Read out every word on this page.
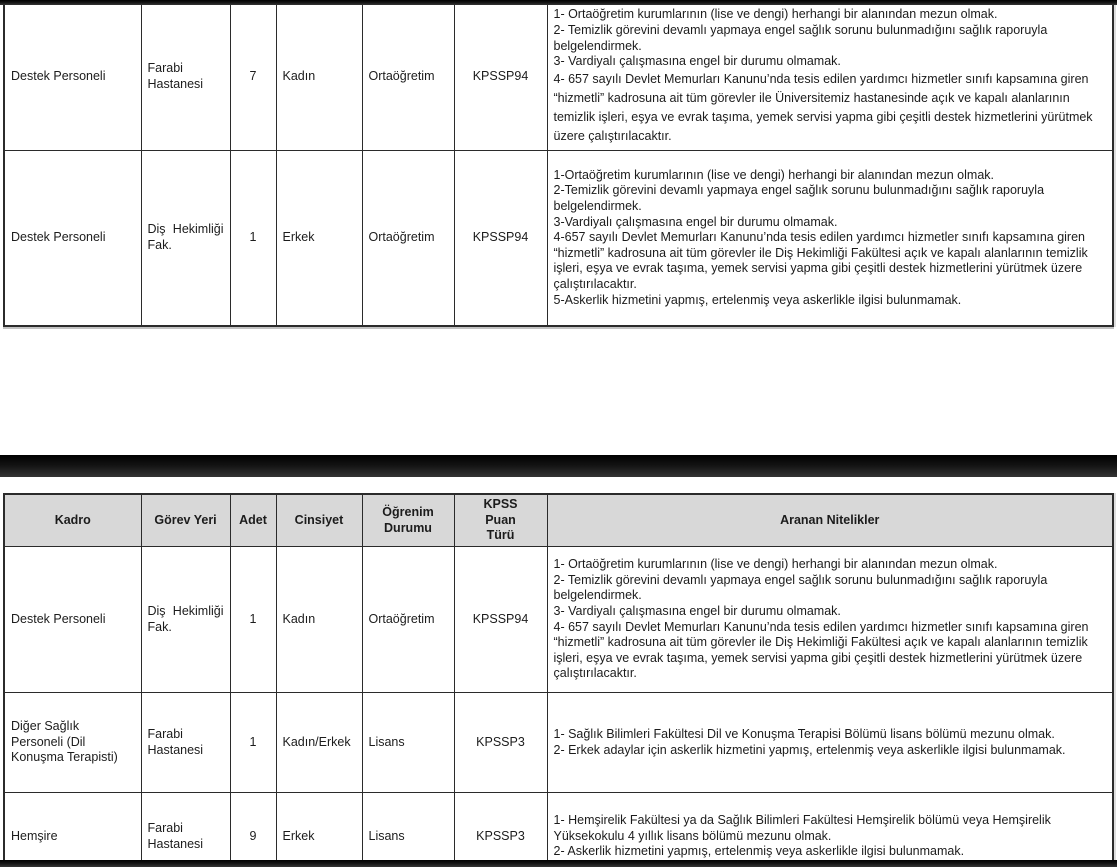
Destek Personeli	Farabi Hastanesi	7	Kadın	Ortaöğretim	KPSSP94	1- Ortaöğretim kurumlarının (lise ve dengi) herhangi bir alanından mezun olmak.
2- Temizlik görevini devamlı yapmaya engel sağlık sorunu bulunmadığını sağlık raporuyla belgelendirmek.
3- Vardiyalı çalışmasına engel bir durumu olmamak.
4- 657 sayılı Devlet Memurları Kanunu’nda tesis edilen yardımcı hizmetler sınıfı kapsamına giren “hizmetli” kadrosuna ait tüm görevler ile Üniversitemiz hastanesinde açık ve kapalı alanlarının temizlik işleri, eşya ve evrak taşıma, yemek servisi yapma gibi çeşitli destek hizmetlerini yürütmek üzere çalıştırılacaktır.

Destek Personeli	Diş Hekimliği Fak.	1	Erkek	Ortaöğretim	KPSSP94	1-Ortaöğretim kurumlarının (lise ve dengi) herhangi bir alanından mezun olmak.
2-Temizlik görevini devamlı yapmaya engel sağlık sorunu bulunmadığını sağlık raporuyla belgelendirmek.
3-Vardiyalı çalışmasına engel bir durumu olmamak.
4-657 sayılı Devlet Memurları Kanunu’nda tesis edilen yardımcı hizmetler sınıfı kapsamına giren “hizmetli” kadrosuna ait tüm görevler ile Diş Hekimliği Fakültesi açık ve kapalı alanlarının temizlik işleri, eşya ve evrak taşıma, yemek servisi yapma gibi çeşitli destek hizmetlerini yürütmek üzere çalıştırılacaktır.
5-Askerlik hizmetini yapmış, ertelenmiş veya askerlikle ilgisi bulunmamak.
Kadro	Görev Yeri	Adet	Cinsiyet	Öğrenim Durumu	KPSS Puan Türü	Aranan Nitelikler
Destek Personeli	Diş Hekimliği Fak.	1	Kadın	Ortaöğretim	KPSSP94	1- Ortaöğretim kurumlarının (lise ve dengi) herhangi bir alanından mezun olmak.
2- Temizlik görevini devamlı yapmaya engel sağlık sorunu bulunmadığını sağlık raporuyla belgelendirmek.
3- Vardiyalı çalışmasına engel bir durumu olmamak.
4- 657 sayılı Devlet Memurları Kanunu’nda tesis edilen yardımcı hizmetler sınıfı kapsamına giren “hizmetli” kadrosuna ait tüm görevler ile Diş Hekimliği Fakültesi açık ve kapalı alanlarının temizlik işleri, eşya ve evrak taşıma, yemek servisi yapma gibi çeşitli destek hizmetlerini yürütmek üzere çalıştırılacaktır.

Diğer Sağlık Personeli (Dil Konuşma Terapisti)	Farabi Hastanesi	1	Kadın/Erkek	Lisans	KPSSP3	1- Sağlık Bilimleri Fakültesi Dil ve Konuşma Terapisi Bölümü lisans bölümü mezunu olmak.
2- Erkek adaylar için askerlik hizmetini yapmış, ertelenmiş veya askerlikle ilgisi bulunmamak.

Hemşire	Farabi Hastanesi	9	Erkek	Lisans	KPSSP3	1- Hemşirelik Fakültesi ya da Sağlık Bilimleri Fakültesi Hemşirelik bölümü veya Hemşirelik Yüksekokulu 4 yıllık lisans bölümü mezunu olmak.
2- Askerlik hizmetini yapmış, ertelenmiş veya askerlikle ilgisi bulunmamak.
